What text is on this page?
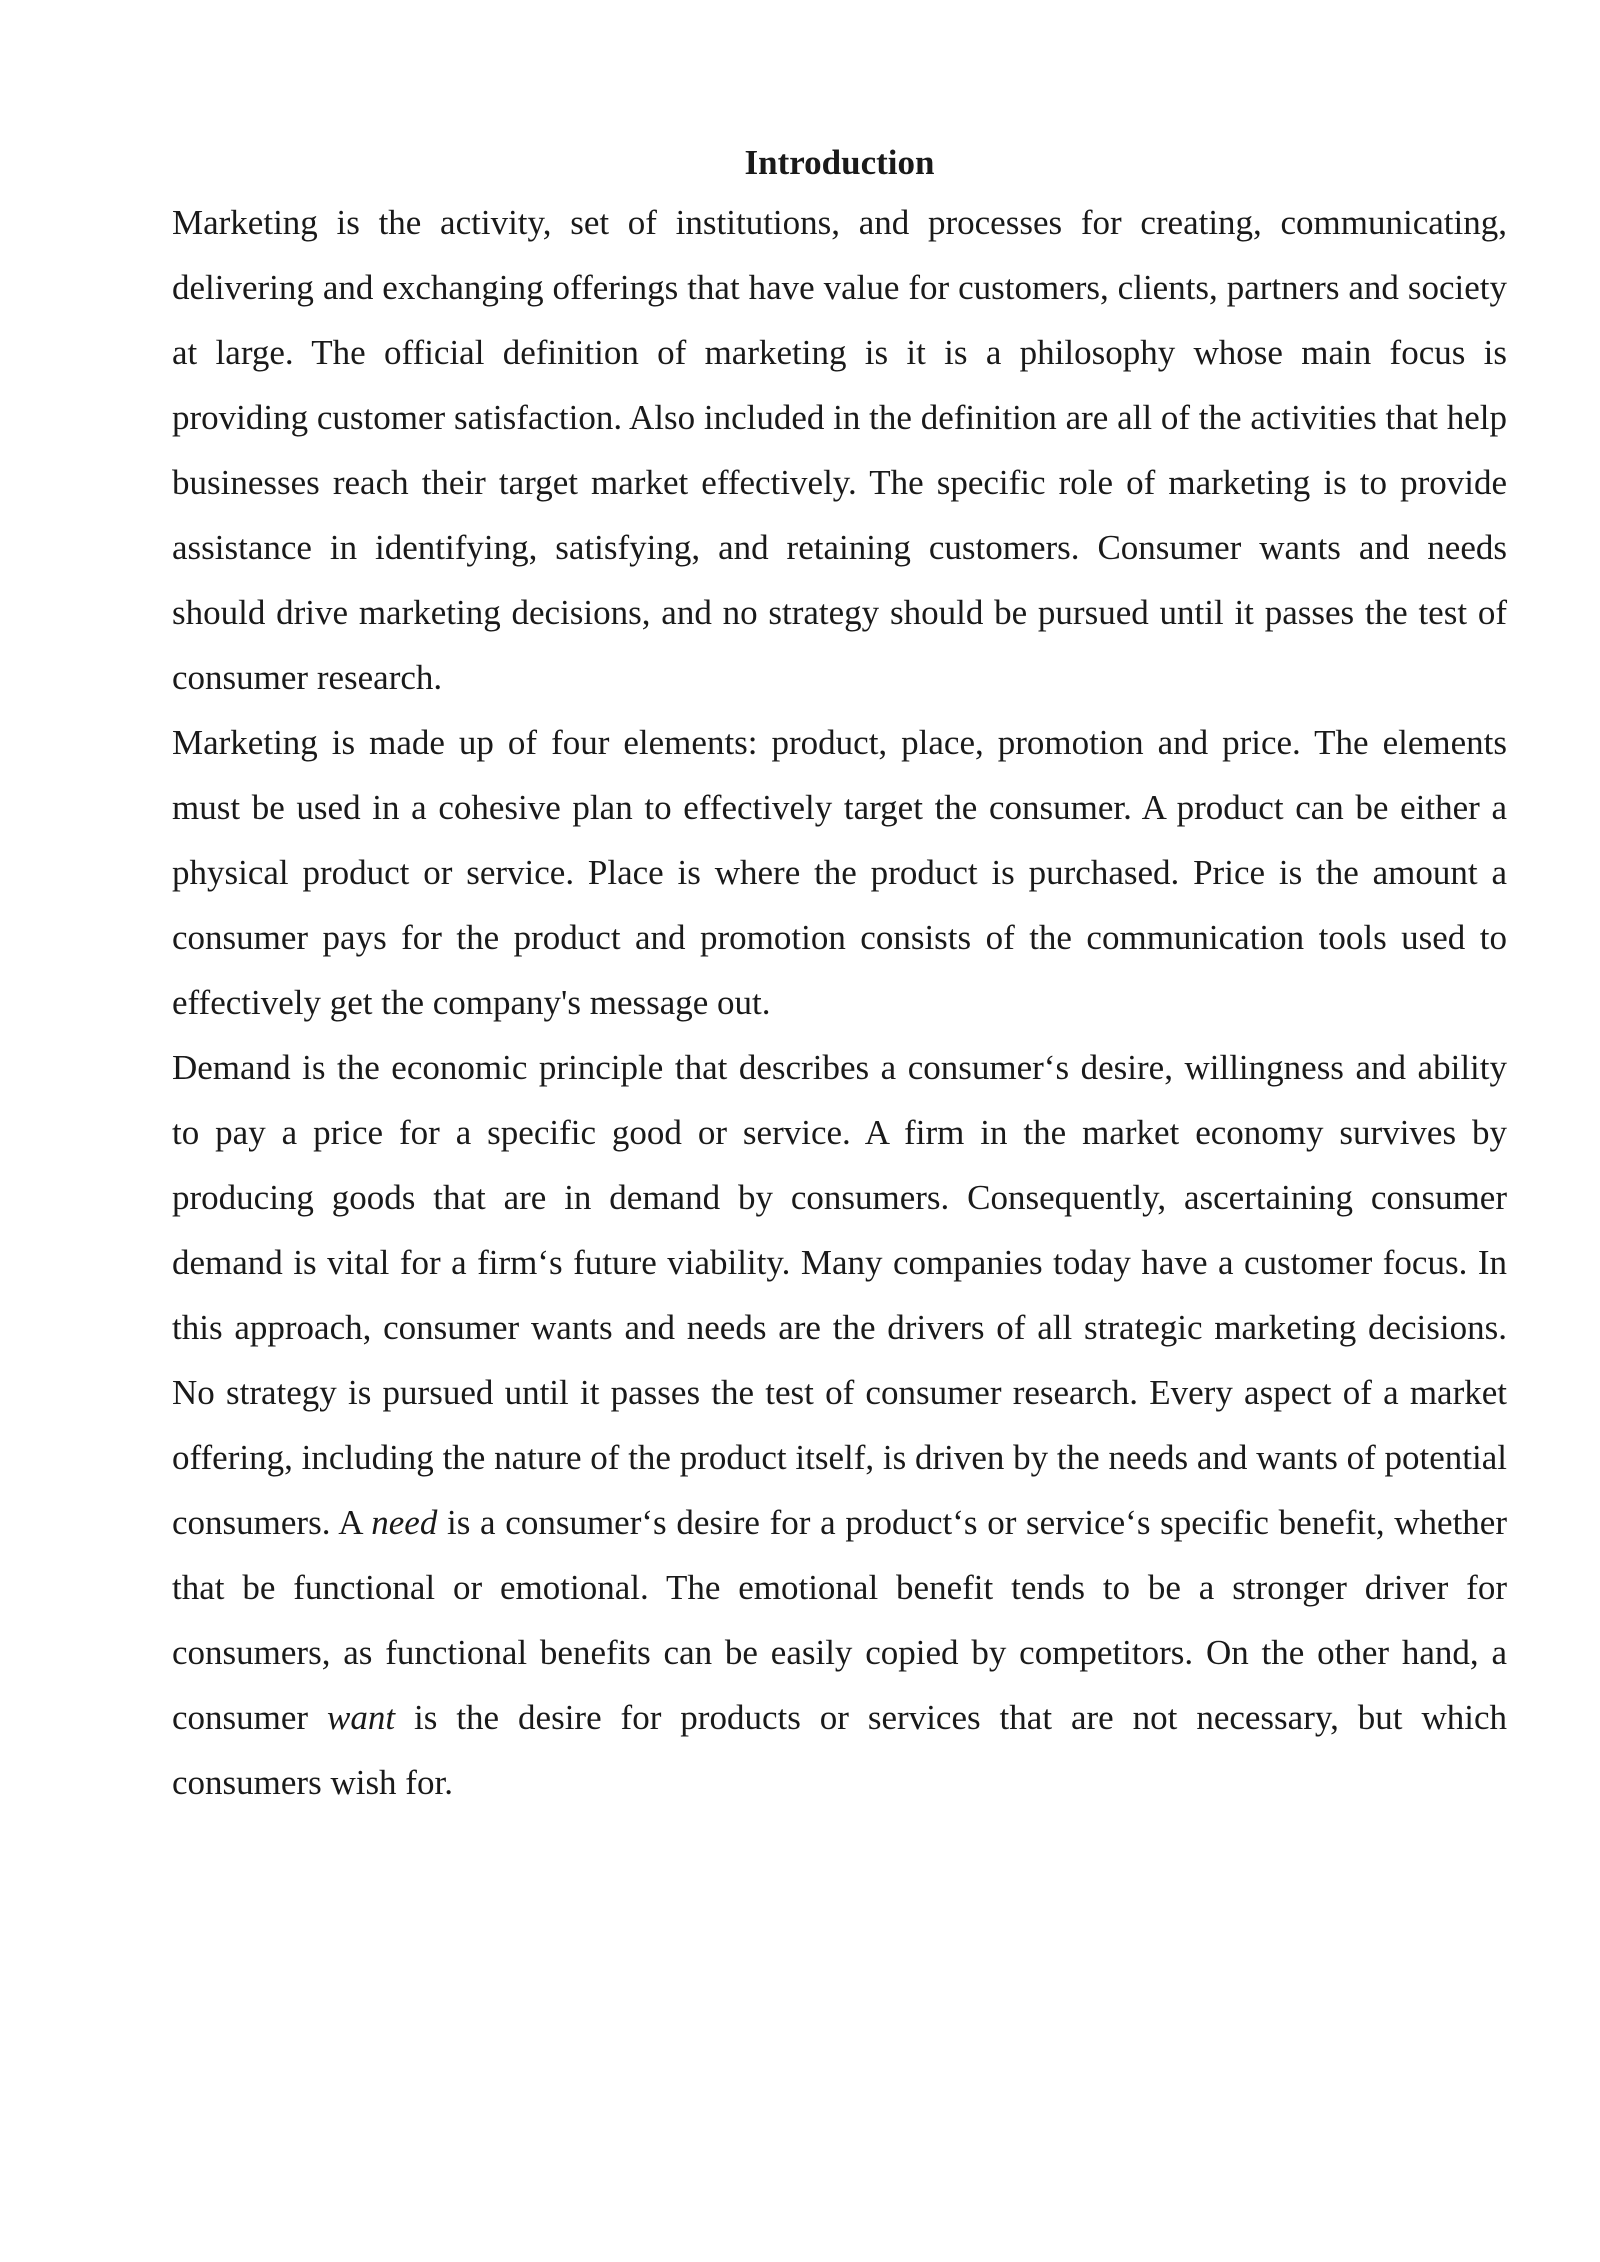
Introduction

Marketing is the activity, set of institutions, and processes for creating, communicating, delivering and exchanging offerings that have value for customers, clients, partners and society at large. The official definition of marketing is it is a philosophy whose main focus is providing customer satisfaction. Also included in the definition are all of the activities that help businesses reach their target market effectively. The specific role of marketing is to provide assistance in identifying, satisfying, and retaining customers. Consumer wants and needs should drive marketing decisions, and no strategy should be pursued until it passes the test of consumer research.

Marketing is made up of four elements: product, place, promotion and price. The elements must be used in a cohesive plan to effectively target the consumer. A product can be either a physical product or service. Place is where the product is purchased. Price is the amount a consumer pays for the product and promotion consists of the communication tools used to effectively get the company's message out.

Demand is the economic principle that describes a consumer‘s desire, willingness and ability to pay a price for a specific good or service. A firm in the market economy survives by producing goods that are in demand by consumers. Consequently, ascertaining consumer demand is vital for a firm‘s future viability. Many companies today have a customer focus. In this approach, consumer wants and needs are the drivers of all strategic marketing decisions. No strategy is pursued until it passes the test of consumer research. Every aspect of a market offering, including the nature of the product itself, is driven by the needs and wants of potential consumers. A need is a consumer‘s desire for a product‘s or service‘s specific benefit, whether that be functional or emotional. The emotional benefit tends to be a stronger driver for consumers, as functional benefits can be easily copied by competitors. On the other hand, a consumer want is the desire for products or services that are not necessary, but which consumers wish for.
